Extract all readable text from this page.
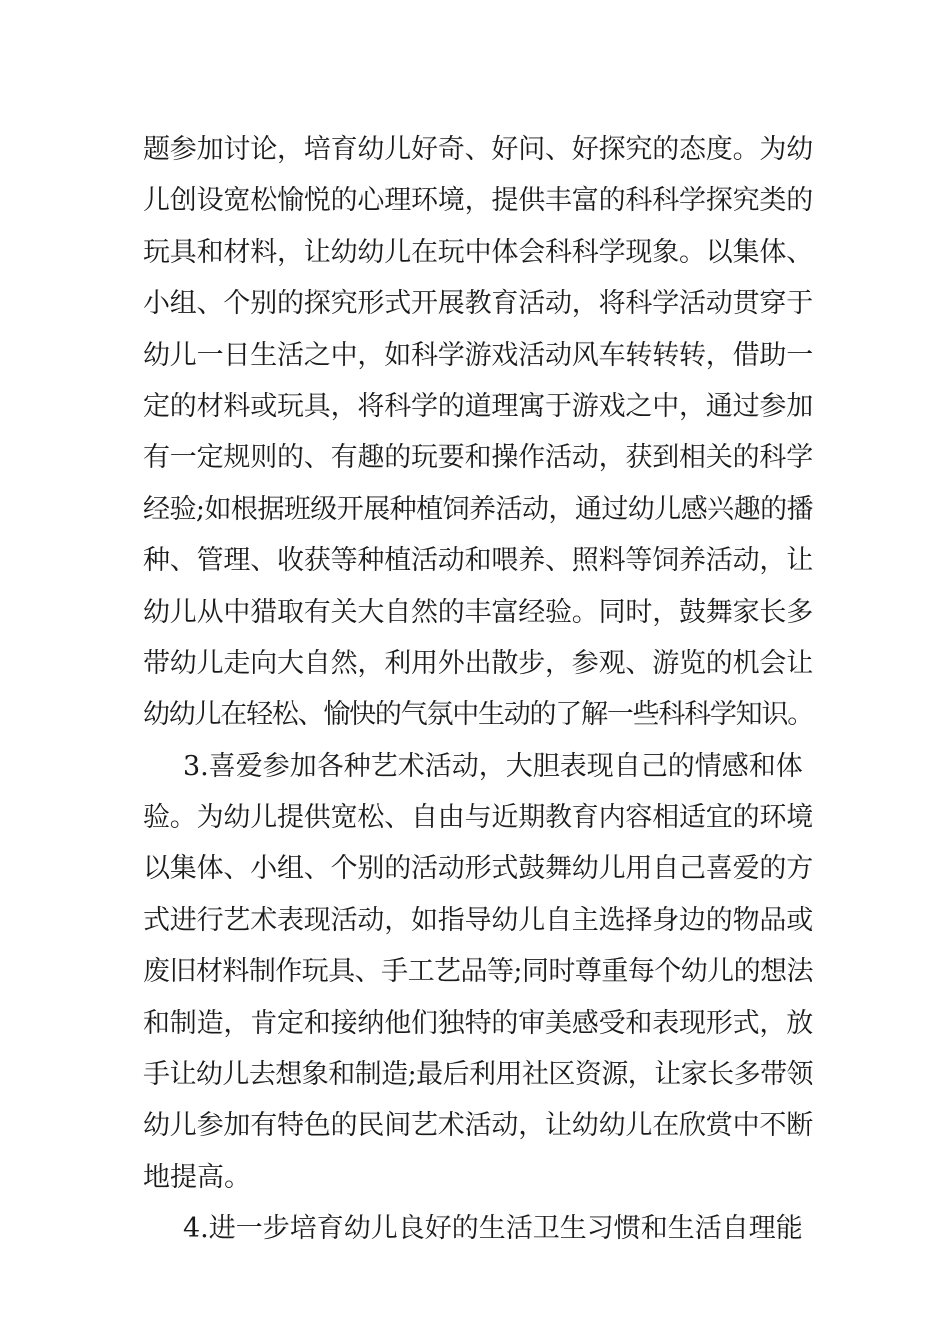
题参加讨论，培育幼儿好奇、好问、好探究的态度。为幼
儿创设宽松愉悦的心理环境，提供丰富的科科学探究类的
玩具和材料，让幼幼儿在玩中体会科科学现象。以集体、
小组、个别的探究形式开展教育活动，将科学活动贯穿于
幼儿一日生活之中，如科学游戏活动风车转转转，借助一
定的材料或玩具，将科学的道理寓于游戏之中，通过参加
有一定规则的、有趣的玩要和操作活动，获到相关的科学
经验;如根据班级开展种植饲养活动，通过幼儿感兴趣的播
种、管理、收获等种植活动和喂养、照料等饲养活动，让
幼儿从中猎取有关大自然的丰富经验。同时，鼓舞家长多
带幼儿走向大自然，利用外出散步，参观、游览的机会让
幼幼儿在轻松、愉快的气氛中生动的了解一些科科学知识。
3.喜爱参加各种艺术活动，大胆表现自己的情感和体
验。为幼儿提供宽松、自由与近期教育内容相适宜的环境
以集体、小组、个别的活动形式鼓舞幼儿用自己喜爱的方
式进行艺术表现活动，如指导幼儿自主选择身边的物品或
废旧材料制作玩具、手工艺品等;同时尊重每个幼儿的想法
和制造，肯定和接纳他们独特的审美感受和表现形式，放
手让幼儿去想象和制造;最后利用社区资源，让家长多带领
幼儿参加有特色的民间艺术活动，让幼幼儿在欣赏中不断
地提高。
4.进一步培育幼儿良好的生活卫生习惯和生活自理能
